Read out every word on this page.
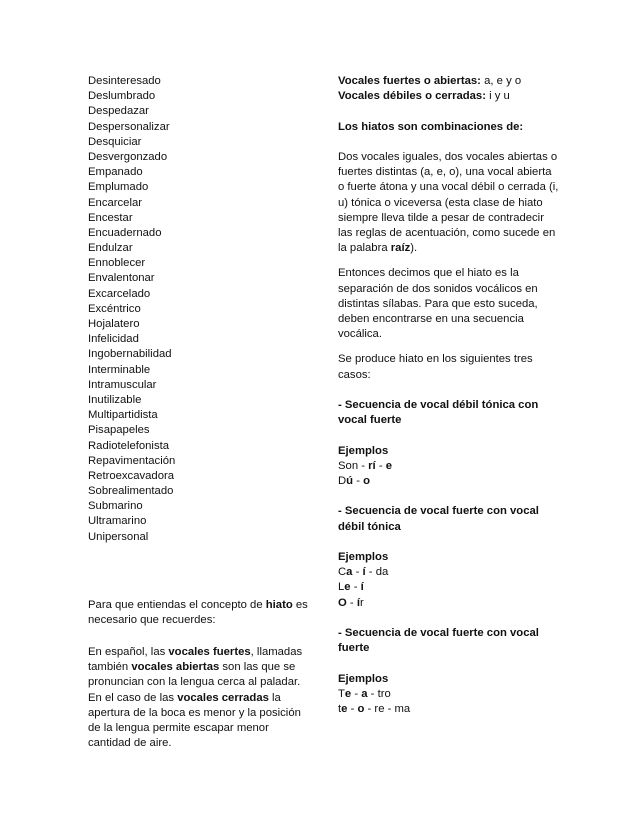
Desinteresado
Deslumbrado
Despedazar
Despersonalizar
Desquiciar
Desvergonzado
Empanado
Emplumado
Encarcelar
Encestar
Encuadernado
Endulzar
Ennoblecer
Envalentonar
Excarcelado
Excéntrico
Hojalatero
Infelicidad
Ingobernabilidad
Interminable
Intramuscular
Inutilizable
Multipartidista
Pisapapeles
Radiotelefonista
Repavimentación
Retroexcavadora
Sobrealimentado
Submarino
Ultramarino
Unipersonal
Para que entiendas el concepto de hiato es necesario que recuerdes:
En español, las vocales fuertes, llamadas también vocales abiertas son las que se pronuncian con la lengua cerca al paladar. En el caso de las vocales cerradas la apertura de la boca es menor y la posición de la lengua permite escapar menor cantidad de aire.
Vocales fuertes o abiertas: a, e y o
Vocales débiles o cerradas: i y u
Los hiatos son combinaciones de:
Dos vocales iguales, dos vocales abiertas o fuertes distintas (a, e, o), una vocal abierta o fuerte átona y una vocal débil o cerrada (i, u) tónica o viceversa (esta clase de hiato siempre lleva tilde a pesar de contradecir las reglas de acentuación, como sucede en la palabra raíz).
Entonces decimos que el hiato es la separación de dos sonidos vocálicos en distintas sílabas. Para que esto suceda, deben encontrarse en una secuencia vocálica.
Se produce hiato en los siguientes tres casos:
- Secuencia de vocal débil tónica con vocal fuerte
Ejemplos
Son - rí - e
Dú - o
- Secuencia de vocal fuerte con vocal débil tónica
Ejemplos
Ca - í - da
Le - í
O - ír
- Secuencia de vocal fuerte con vocal fuerte
Ejemplos
Te - a - tro
te - o - re - ma
